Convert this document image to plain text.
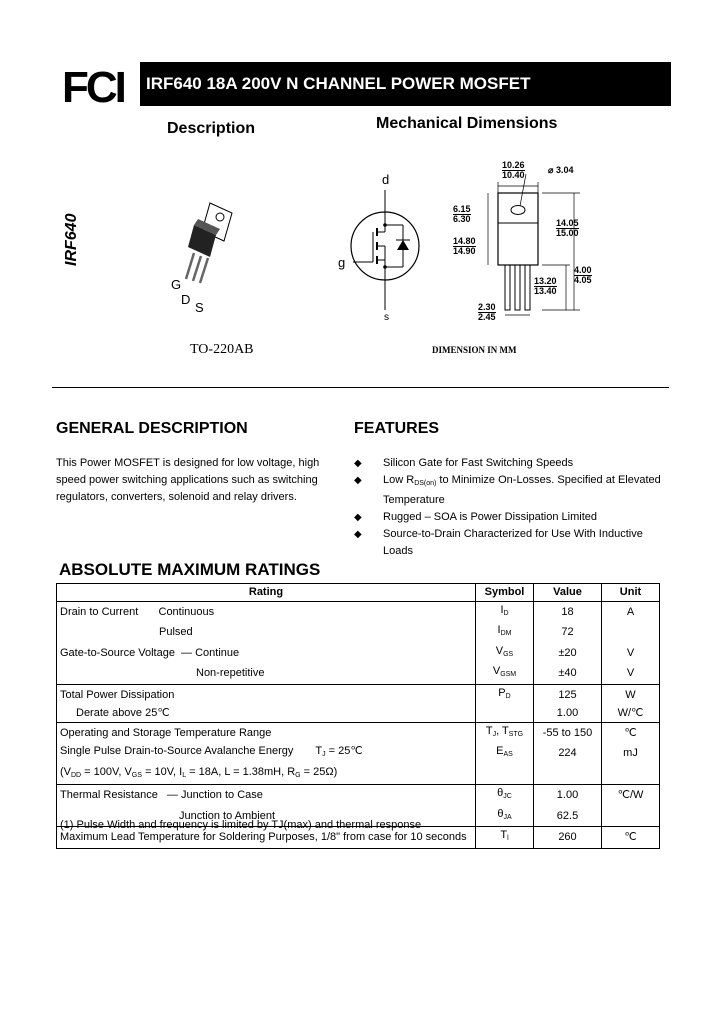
FCI	IRF640 18A 200V N CHANNEL POWER MOSFET
Description	Mechanical Dimensions
IRF640
G
D
S
d
g
s
10.26
10.40	⌀ 3.04
6.15
6.30
14.80
14.90
14.05
15.00
13.20
13.40
4.00
4.05
2.30
2.45
TO-220AB	DIMENSION IN MM
GENERAL DESCRIPTION
This Power MOSFET is designed for low voltage, high speed power switching applications such as switching regulators, converters, solenoid and relay drivers.
FEATURES
◆ Silicon Gate for Fast Switching Speeds
◆ Low $R_{DS(on)}$ to Minimize On-Losses. Specified at Elevated Temperature
◆ Rugged – SOA is Power Dissipation Limited
◆ Source-to-Drain Characterized for Use With Inductive Loads
ABSOLUTE MAXIMUM RATINGS
Rating	Symbol	Value	Unit
Drain to Current Continuous	$I_D$	18	A
Pulsed	$I_{DM}$	72	
Gate-to-Source Voltage — Continue	$V_{GS}$	±20	V
Non-repetitive	$V_{GSM}$	±40	V
Total Power Dissipation	$P_D$	125	W
Derate above 25℃		1.00	W/℃
Operating and Storage Temperature Range	$T_J$, $T_{STG}$	-55 to 150	℃
Single Pulse Drain-to-Source Avalanche Energy $T_J$ = 25℃	$E_{AS}$	224	mJ
($V_{DD} = 100V$, $V_{GS} = 10V$, $I_L = 18A$, L = 1.38mH, $R_G = 25\Omega$)			
Thermal Resistance — Junction to Case	$\theta_{JC}$	1.00	℃/W
Junction to Ambient	$\theta_{JA}$	62.5	
Maximum Lead Temperature for Soldering Purposes, 1/8" from case for 10 seconds	$T_l$	260	℃
(1) Pulse Width and frequency is limited by TJ(max) and thermal response
